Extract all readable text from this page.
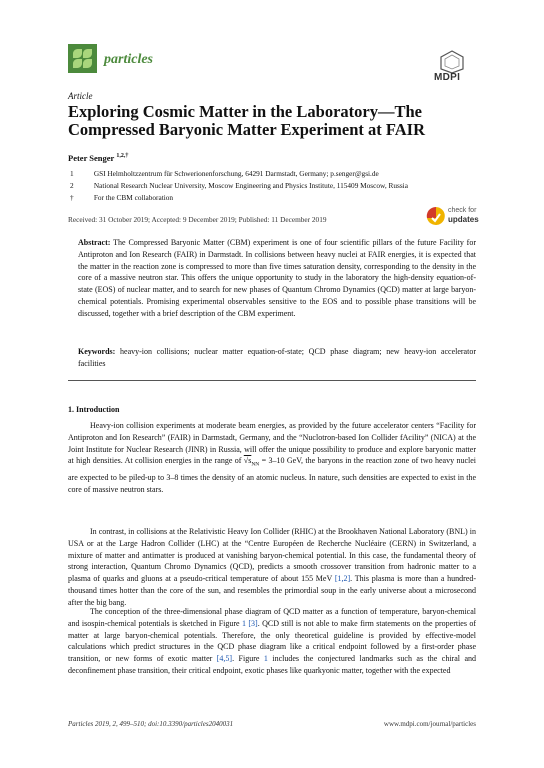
particles
MDPI
Article
Exploring Cosmic Matter in the Laboratory—The Compressed Baryonic Matter Experiment at FAIR
Peter Senger $^{1,2,\dagger}$
1	GSI Helmholtzzentrum für Schwerionenforschung, 64291 Darmstadt, Germany; p.senger@gsi.de
2	National Research Nuclear University, Moscow Engineering and Physics Institute, 115409 Moscow, Russia
†	For the CBM collaboration
Received: 31 October 2019; Accepted: 9 December 2019; Published: 11 December 2019
check for
updates
Abstract: The Compressed Baryonic Matter (CBM) experiment is one of four scientific pillars of the future Facility for Antiproton and Ion Research (FAIR) in Darmstadt. In collisions between heavy nuclei at FAIR energies, it is expected that the matter in the reaction zone is compressed to more than five times saturation density, corresponding to the density in the core of a massive neutron star. This offers the unique opportunity to study in the laboratory the high-density equation-of-state (EOS) of nuclear matter, and to search for new phases of Quantum Chromo Dynamics (QCD) matter at large baryon-chemical potentials. Promising experimental observables sensitive to the EOS and to possible phase transitions will be discussed, together with a brief description of the CBM experiment.
Keywords: heavy-ion collisions; nuclear matter equation-of-state; QCD phase diagram; new heavy-ion accelerator facilities
1. Introduction
Heavy-ion collision experiments at moderate beam energies, as provided by the future accelerator centers “Facility for Antiproton and Ion Research” (FAIR) in Darmstadt, Germany, and the “Nuclotron-based Ion Collider fAcility” (NICA) at the Joint Institute for Nuclear Research (JINR) in Russia, will offer the unique possibility to produce and explore baryonic matter at high densities. At collision energies in the range of $√s_{NN} = 3-10$ GeV, the baryons in the reaction zone of two heavy nuclei are expected to be piled-up to 3–8 times the density of an atomic nucleus. In nature, such densities are expected to exist in the core of massive neutron stars.
In contrast, in collisions at the Relativistic Heavy Ion Collider (RHIC) at the Brookhaven National Laboratory (BNL) in USA or at the Large Hadron Collider (LHC) at the “Centre Européen de Recherche Nucléaire (CERN) in Switzerland, a mixture of matter and antimatter is produced at vanishing baryon-chemical potential. In this case, the fundamental theory of strong interaction, Quantum Chromo Dynamics (QCD), predicts a smooth crossover transition from hadronic matter to a plasma of quarks and gluons at a pseudo-critical temperature of about 155 MeV [1,2]. This plasma is more than a hundred-thousand times hotter than the core of the sun, and resembles the primordial soup in the early universe about a microsecond after the big bang.
The conception of the three-dimensional phase diagram of QCD matter as a function of temperature, baryon-chemical and isospin-chemical potentials is sketched in Figure 1 [3]. QCD still is not able to make firm statements on the properties of matter at large baryon-chemical potentials. Therefore, the only theoretical guideline is provided by effective-model calculations which predict structures in the QCD phase diagram like a critical endpoint followed by a first-order phase transition, or new forms of exotic matter [4,5]. Figure 1 includes the conjectured landmarks such as the chiral and deconfinement phase transition, their critical endpoint, exotic phases like quarkyonic matter, together with the expected
Particles 2019, 2, 499–510; doi:10.3390/particles2040031	www.mdpi.com/journal/particles
